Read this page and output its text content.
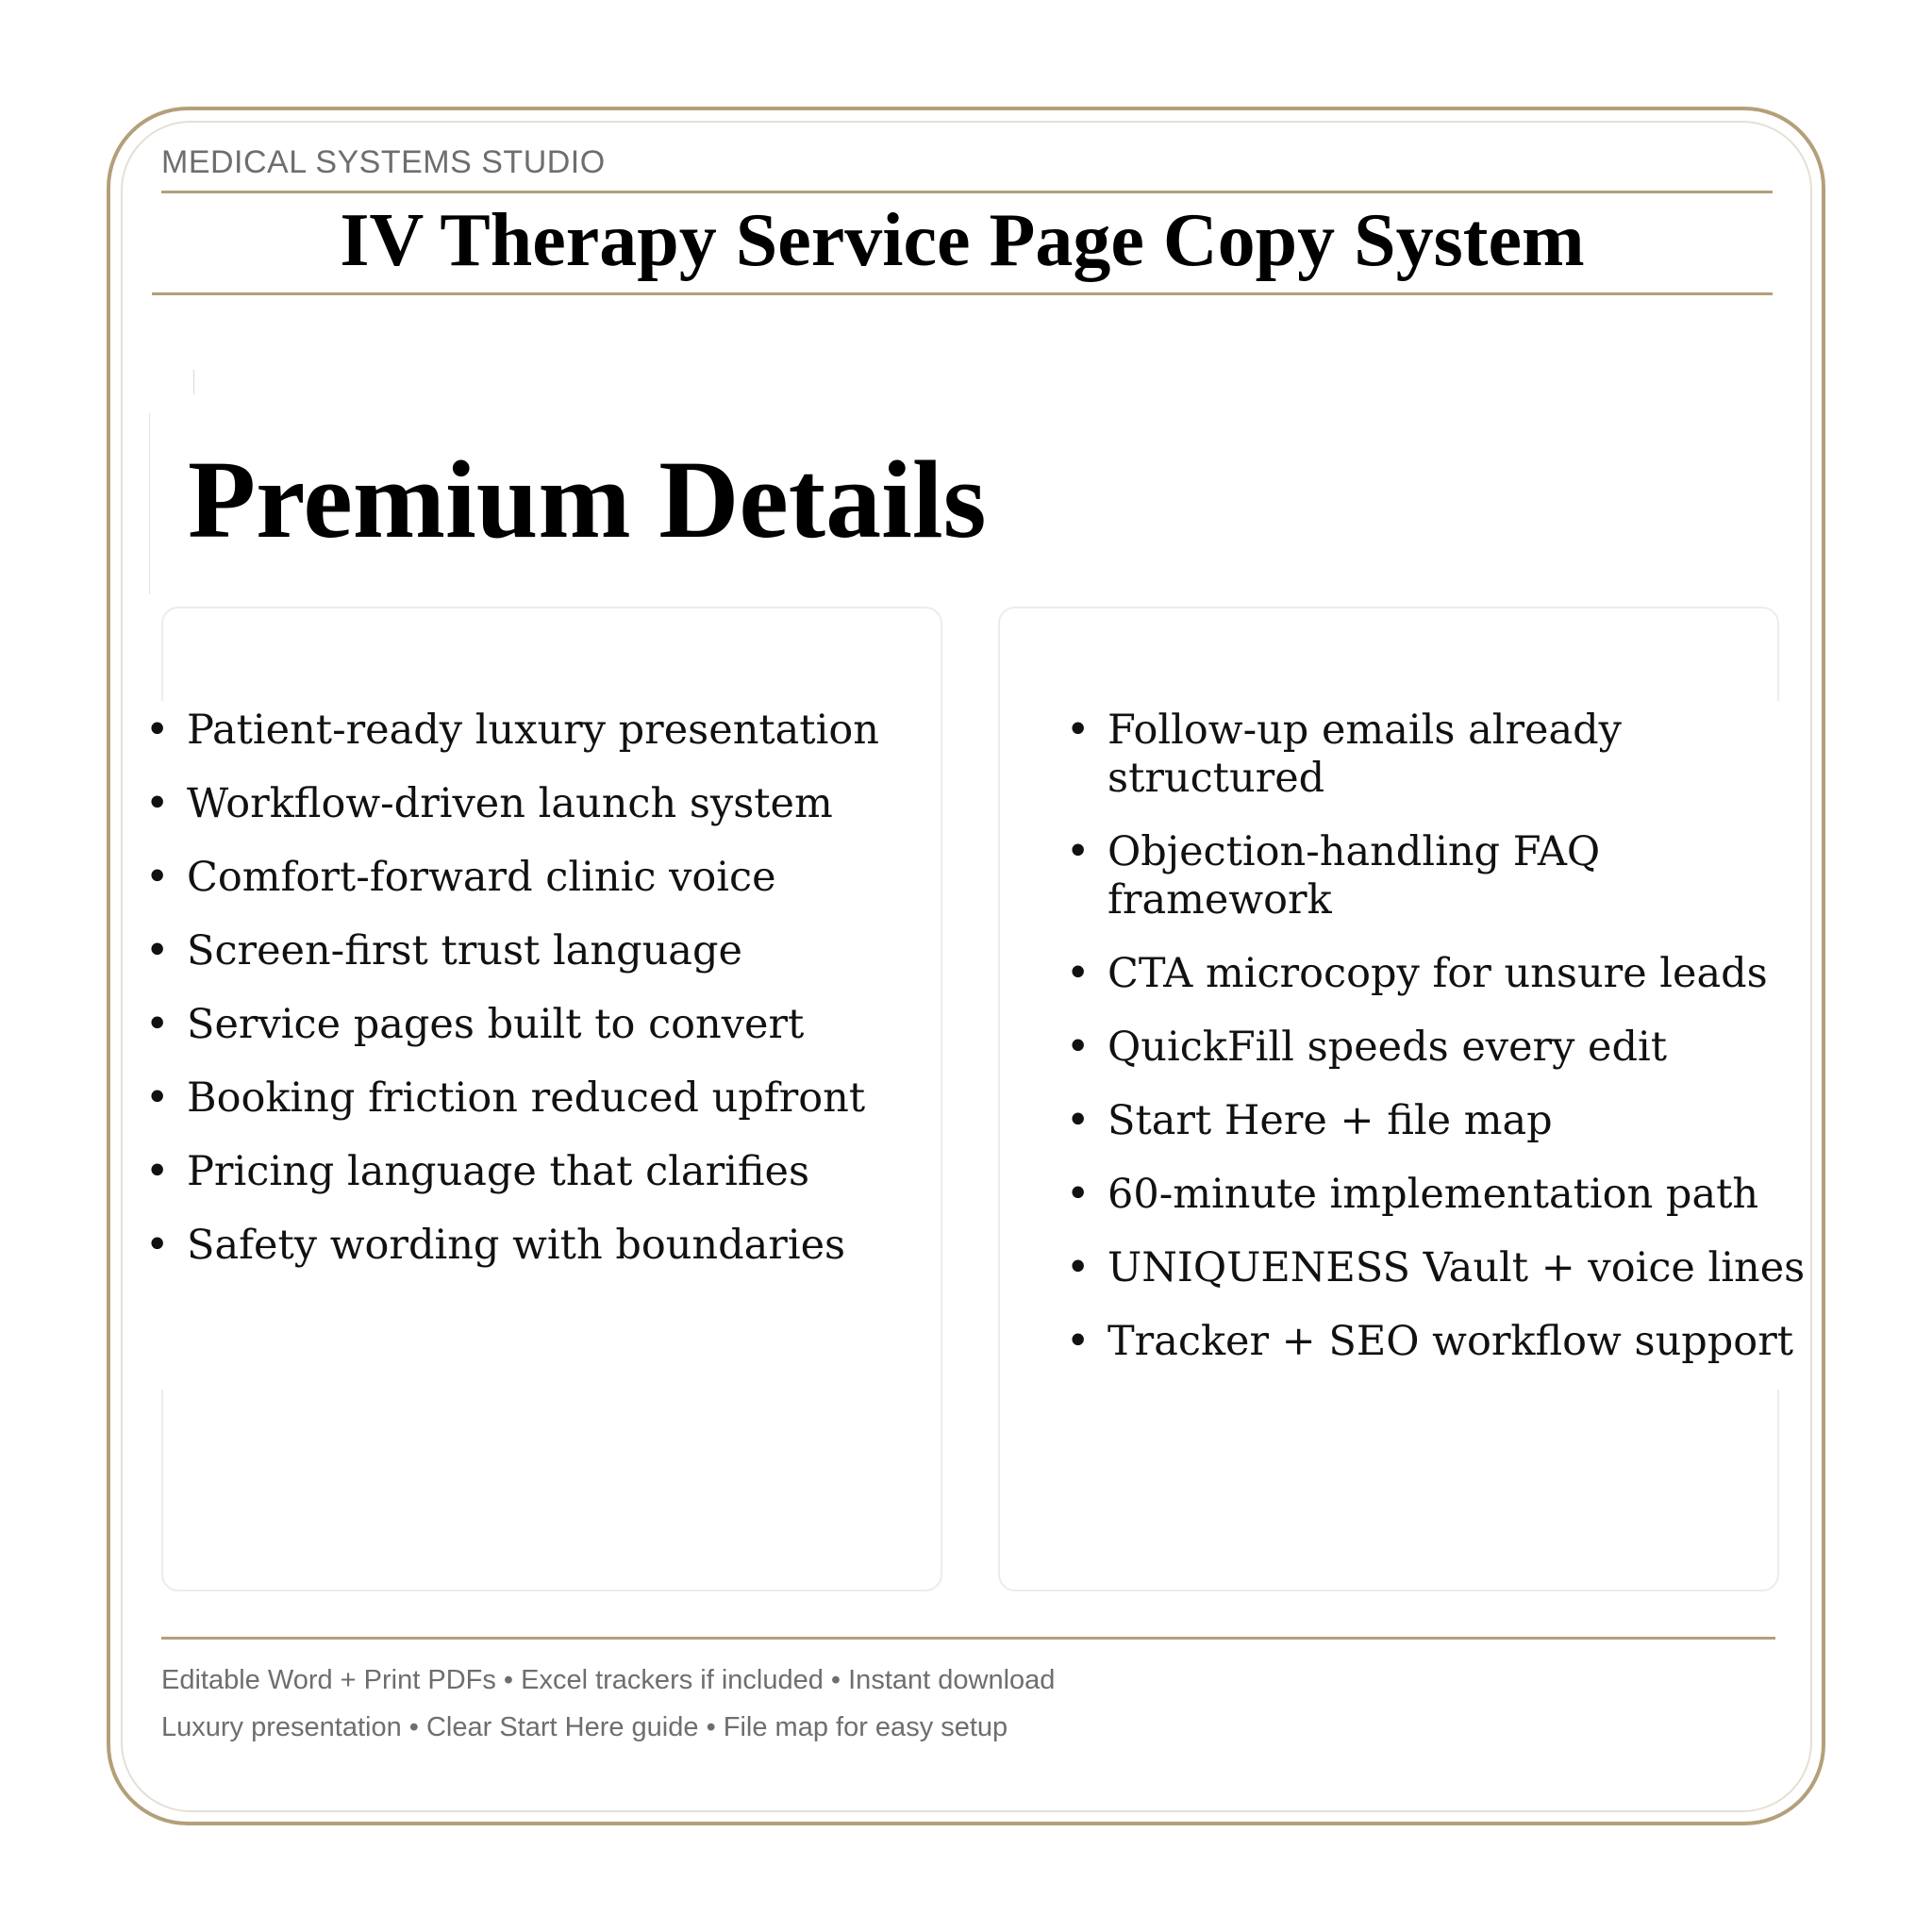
MEDICAL SYSTEMS STUDIO
IV Therapy Service Page Copy System
Premium Details
• Patient-ready luxury presentation
• Workflow-driven launch system
• Comfort-forward clinic voice
• Screen-first trust language
• Service pages built to convert
• Booking friction reduced upfront
• Pricing language that clarifies
• Safety wording with boundaries
• Follow-up emails already structured
• Objection-handling FAQ framework
• CTA microcopy for unsure leads
• QuickFill speeds every edit
• Start Here + file map
• 60-minute implementation path
• UNIQUENESS Vault + voice lines
• Tracker + SEO workflow support
Editable Word + Print PDFs • Excel trackers if included • Instant download
Luxury presentation • Clear Start Here guide • File map for easy setup
